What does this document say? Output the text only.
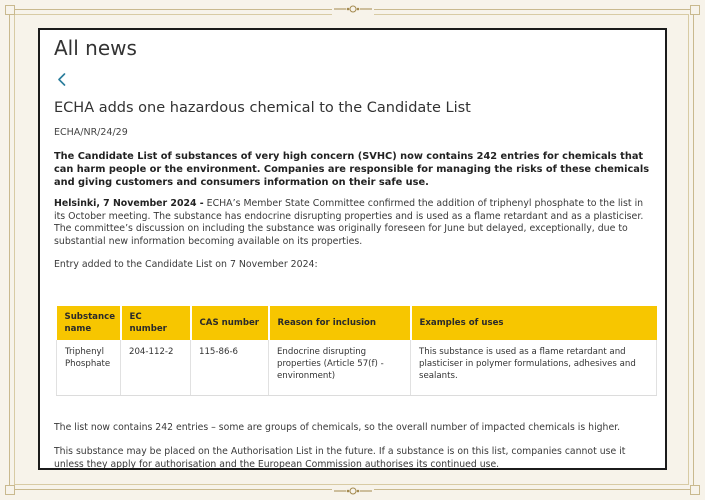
All news
ECHA adds one hazardous chemical to the Candidate List
ECHA/NR/24/29

The Candidate List of substances of very high concern (SVHC) now contains 242 entries for chemicals that can harm people or the environment. Companies are responsible for managing the risks of these chemicals and giving customers and consumers information on their safe use.

Helsinki, 7 November 2024 - ECHA’s Member State Committee confirmed the addition of triphenyl phosphate to the list in its October meeting. The substance has endocrine disrupting properties and is used as a flame retardant and as a plasticiser. The committee’s discussion on including the substance was originally foreseen for June but delayed, exceptionally, due to substantial new information becoming available on its properties.

Entry added to the Candidate List on 7 November 2024:

Substance name	EC number	CAS number	Reason for inclusion	Examples of uses
Triphenyl Phosphate	204-112-2	115-86-6	Endocrine disrupting properties (Article 57(f) - environment)	This substance is used as a flame retardant and plasticiser in polymer formulations, adhesives and sealants.

The list now contains 242 entries – some are groups of chemicals, so the overall number of impacted chemicals is higher.

This substance may be placed on the Authorisation List in the future. If a substance is on this list, companies cannot use it unless they apply for authorisation and the European Commission authorises its continued use.
